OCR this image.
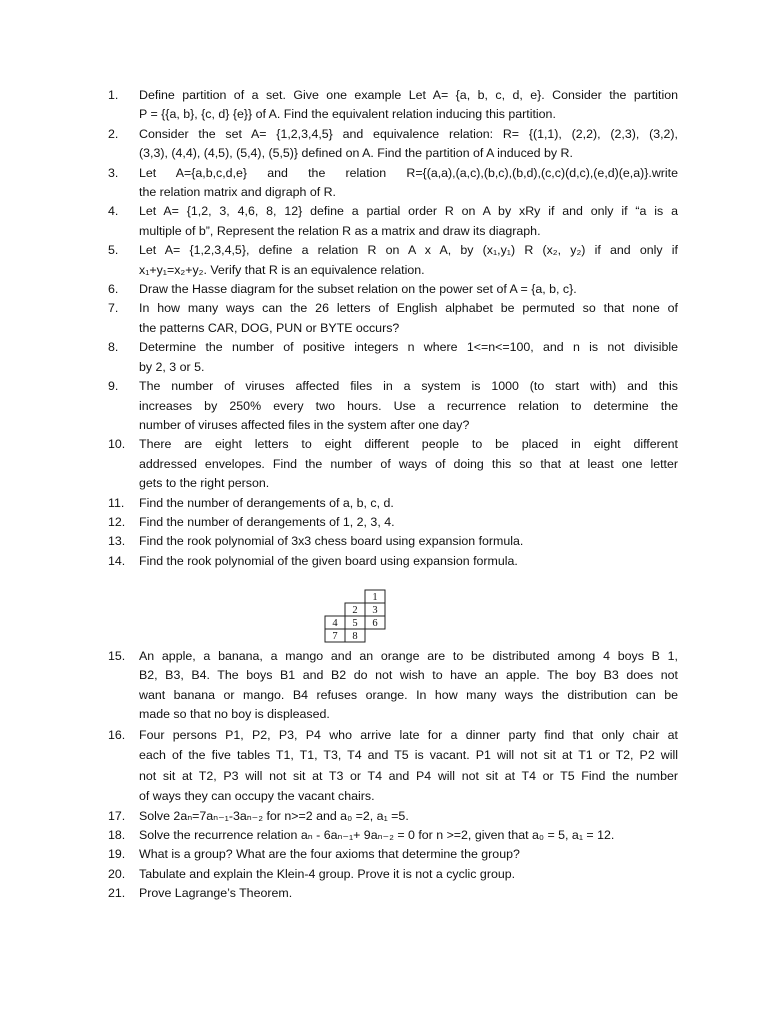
1.	Define partition of a set. Give one example Let A= {a, b, c, d, e}. Consider the partition
P = {{a, b}, {c, d} {e}} of A. Find the equivalent relation inducing this partition.
2.	Consider the set A= {1,2,3,4,5} and equivalence relation: R= {(1,1), (2,2), (2,3), (3,2),
(3,3), (4,4), (4,5), (5,4), (5,5)} defined on A. Find the partition of A induced by R.
3.	Let A={a,b,c,d,e} and the relation R={(a,a),(a,c),(b,c),(b,d),(c,c)(d,c),(e,d)(e,a)}.write
the relation matrix and digraph of R.
4.	Let A= {1,2, 3, 4,6, 8, 12} define a partial order R on A by xRy if and only if “a is a
multiple of b”, Represent the relation R as a matrix and draw its diagraph.
5.	Let A= {1,2,3,4,5}, define a relation R on A x A, by (x₁,y₁) R (x₂, y₂) if and only if
x₁+y₁=x₂+y₂. Verify that R is an equivalence relation.
6.	Draw the Hasse diagram for the subset relation on the power set of A = {a, b, c}.
7.	In how many ways can the 26 letters of English alphabet be permuted so that none of
the patterns CAR, DOG, PUN or BYTE occurs?
8.	Determine the number of positive integers n where 1<=n<=100, and n is not divisible
by 2, 3 or 5.
9.	The number of viruses affected files in a system is 1000 (to start with) and this
increases by 250% every two hours. Use a recurrence relation to determine the
number of viruses affected files in the system after one day?
10.	There are eight letters to eight different people to be placed in eight different
addressed envelopes. Find the number of ways of doing this so that at least one letter
gets to the right person.
11.	Find the number of derangements of a, b, c, d.
12.	Find the number of derangements of 1, 2, 3, 4.
13.	Find the rook polynomial of 3x3 chess board using expansion formula.
14.	Find the rook polynomial of the given board using expansion formula.
1
2 3
4 5 6
7 8
15.	An apple, a banana, a mango and an orange are to be distributed among 4 boys B 1,
B2, B3, B4. The boys B1 and B2 do not wish to have an apple. The boy B3 does not
want banana or mango. B4 refuses orange. In how many ways the distribution can be
made so that no boy is displeased.
16.	Four persons P1, P2, P3, P4 who arrive late for a dinner party find that only chair at
each of the five tables T1, T1, T3, T4 and T5 is vacant. P1 will not sit at T1 or T2, P2 will
not sit at T2, P3 will not sit at T3 or T4 and P4 will not sit at T4 or T5 Find the number
of ways they can occupy the vacant chairs.
17.	Solve 2aₙ=7aₙ₋₁-3aₙ₋₂ for n>=2 and a₀ =2, a₁ =5.
18.	Solve the recurrence relation aₙ - 6aₙ₋₁+ 9aₙ₋₂ = 0 for n >=2, given that a₀ = 5, a₁ = 12.
19.	What is a group? What are the four axioms that determine the group?
20.	Tabulate and explain the Klein-4 group. Prove it is not a cyclic group.
21.	Prove Lagrange’s Theorem.
